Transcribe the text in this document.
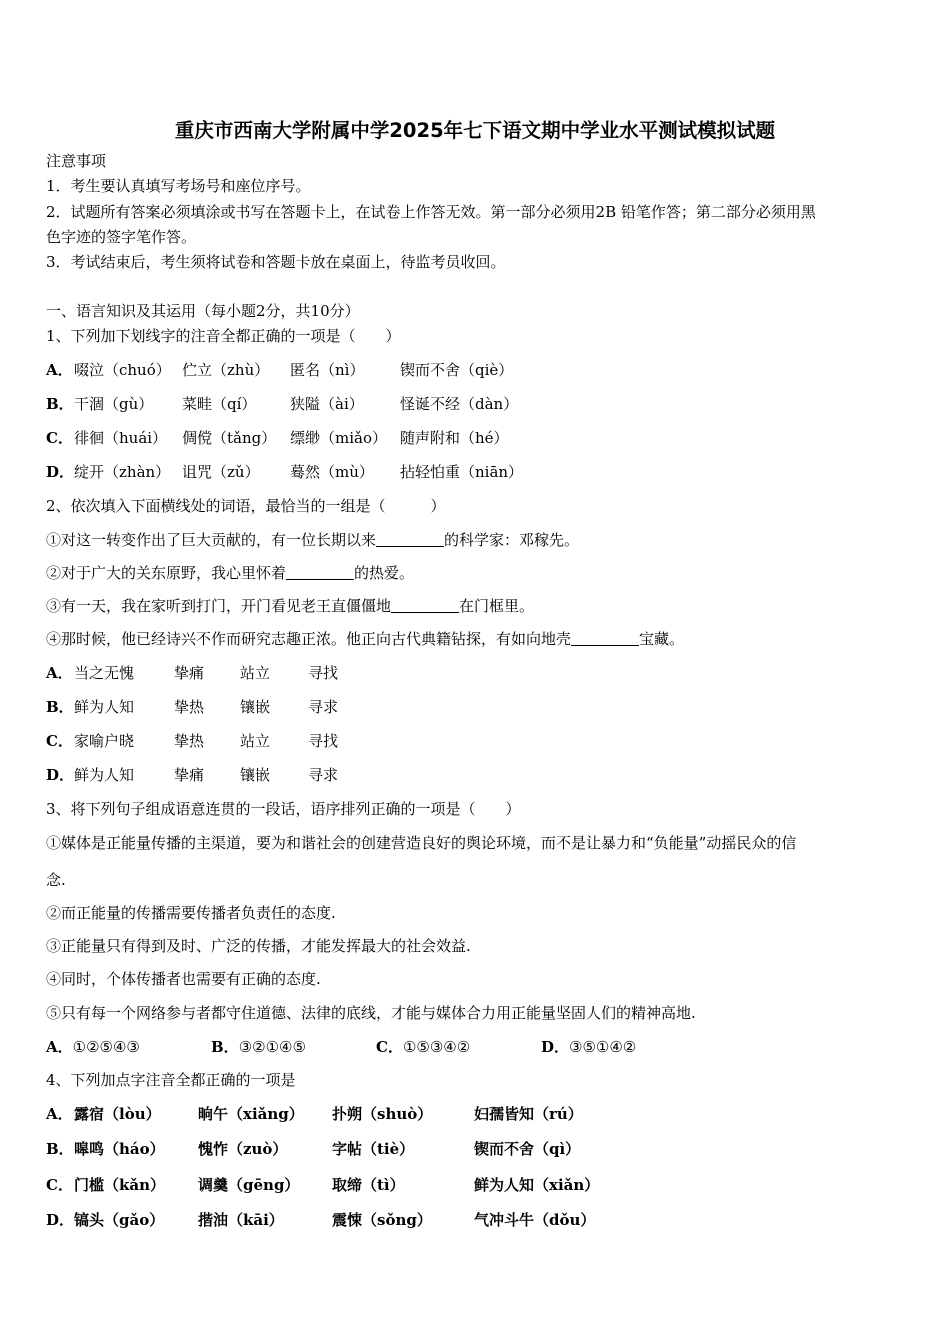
重庆市西南大学附属中学2025年七下语文期中学业水平测试模拟试题
注意事项
1．考生要认真填写考场号和座位序号。
2．试题所有答案必须填涂或书写在答题卡上，在试卷上作答无效。第一部分必须用2B 铅笔作答；第二部分必须用黑
色字迹的签字笔作答。
3．考试结束后，考生须将试卷和答题卡放在桌面上，待监考员收回。
一、语言知识及其运用（每小题2分，共10分）
1、下列加下划线字的注音全都正确的一项是（　　）
A．啜泣（chuó） 伫立（zhù） 匿名（nì） 锲而不舍（qiè）
B．干涸（gù） 菜畦（qí） 狭隘（ài） 怪诞不经（dàn）
C．徘徊（huái） 倜傥（tǎng） 缥缈（miǎo） 随声附和（hé）
D．绽开（zhàn） 诅咒（zǔ） 蓦然（mù） 拈轻怕重（niān）
2、依次填入下面横线处的词语，最恰当的一组是（　　　）
①对这一转变作出了巨大贡献的，有一位长期以来	的科学家：邓稼先。
②对于广大的关东原野，我心里怀着	的热爱。
③有一天，我在家听到打门，开门看见老王直僵僵地	在门框里。
④那时候，他已经诗兴不作而研究志趣正浓。他正向古代典籍钻探，有如向地壳	宝藏。
A．当之无愧	挚痛 站立	寻找
B．鲜为人知	挚热 镶嵌	寻求
C．家喻户晓	挚热 站立	寻找
D．鲜为人知	挚痛 镶嵌	寻求
3、将下列句子组成语意连贯的一段话，语序排列正确的一项是（　　）
①媒体是正能量传播的主渠道，要为和谐社会的创建营造良好的舆论环境，而不是让暴力和“负能量”动摇民众的信
念.
②而正能量的传播需要传播者负责任的态度.
③正能量只有得到及时、广泛的传播，才能发挥最大的社会效益.
④同时，个体传播者也需要有正确的态度.
⑤只有每一个网络参与者都守住道德、法律的底线，才能与媒体合力用正能量坚固人们的精神高地.
A．①②⑤④③	B．③②①④⑤	C．①⑤③④②	D．③⑤①④②
4、下列加点字注音全都正确的一项是
A．露宿（lòu） 晌午（xiǎng） 扑朔（shuò）	妇孺皆知（rú）
B．嗥鸣（háo） 愧怍（zuò）	字帖（tiè）	锲而不舍（qì）
C．门槛（kǎn） 调羹（gēng） 取缔（tì）	鲜为人知（xiǎn）
D．镐头（gǎo） 揩油（kāi）	震悚（sǒng）	气冲斗牛（dǒu）
